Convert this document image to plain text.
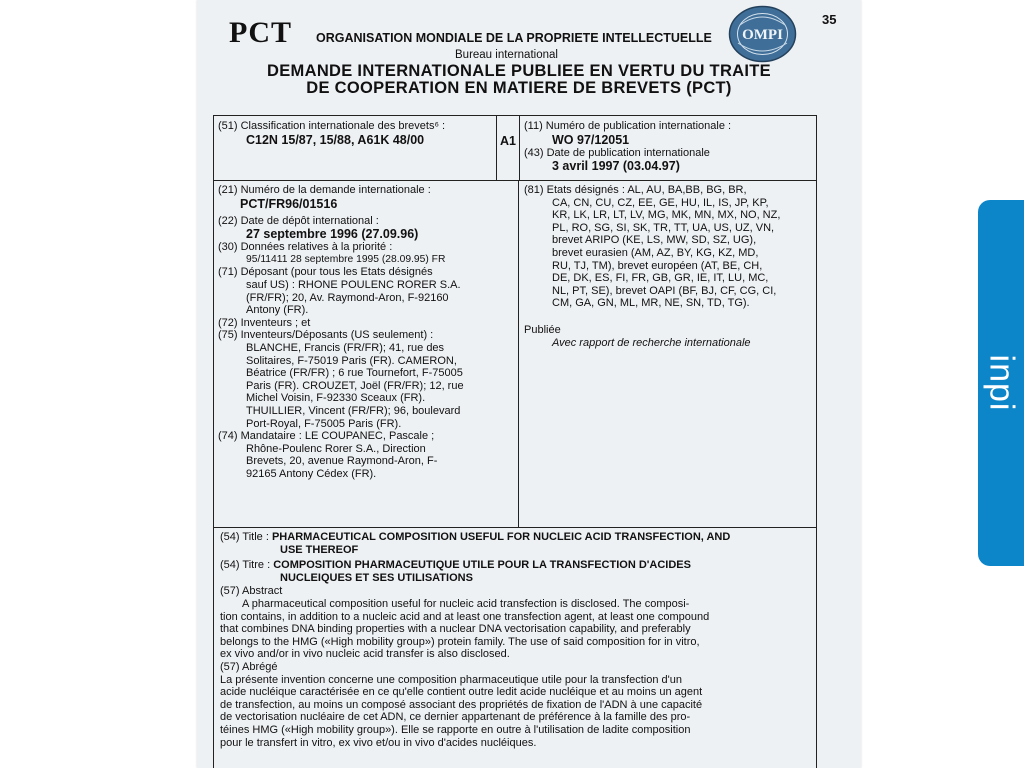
35
PCT ORGANISATION MONDIALE DE LA PROPRIETE INTELLECTUELLE
Bureau international
OMPI
DEMANDE INTERNATIONALE PUBLIEE EN VERTU DU TRAITE
DE COOPERATION EN MATIERE DE BREVETS (PCT)
(51) Classification internationale des brevets⁶ :
C12N 15/87, 15/88, A61K 48/00	A1
(11) Numéro de publication internationale :
WO 97/12051
(43) Date de publication internationale
3 avril 1997 (03.04.97)
(21) Numéro de la demande internationale :
PCT/FR96/01516
(22) Date de dépôt international :
27 septembre 1996 (27.09.96)
(30) Données relatives à la priorité :
95/11411 28 septembre 1995 (28.09.95) FR
(71) Déposant (pour tous les Etats désignés
sauf US) : RHONE POULENC RORER S.A.
(FR/FR); 20, Av. Raymond-Aron, F-92160
Antony (FR).
(72) Inventeurs ; et
(75) Inventeurs/Déposants (US seulement) :
BLANCHE, Francis (FR/FR); 41, rue des
Solitaires, F-75019 Paris (FR). CAMERON,
Béatrice (FR/FR) ; 6 rue Tournefort, F-75005
Paris (FR). CROUZET, Joël (FR/FR); 12, rue
Michel Voisin, F-92330 Sceaux (FR).
THUILLIER, Vincent (FR/FR); 96, boulevard
Port-Royal, F-75005 Paris (FR).
(74) Mandataire : LE COUPANEC, Pascale ;
Rhône-Poulenc Rorer S.A., Direction
Brevets, 20, avenue Raymond-Aron, F-
92165 Antony Cédex (FR).
(81) Etats désignés : AL, AU, BA,BB, BG, BR,
CA, CN, CU, CZ, EE, GE, HU, IL, IS, JP, KP,
KR, LK, LR, LT, LV, MG, MK, MN, MX, NO, NZ,
PL, RO, SG, SI, SK, TR, TT, UA, US, UZ, VN,
brevet ARIPO (KE, LS, MW, SD, SZ, UG),
brevet eurasien (AM, AZ, BY, KG, KZ, MD,
RU, TJ, TM), brevet européen (AT, BE, CH,
DE, DK, ES, FI, FR, GB, GR, IE, IT, LU, MC,
NL, PT, SE), brevet OAPI (BF, BJ, CF, CG, CI,
CM, GA, GN, ML, MR, NE, SN, TD, TG).
Publiée
Avec rapport de recherche internationale
(54) Title : PHARMACEUTICAL COMPOSITION USEFUL FOR NUCLEIC ACID TRANSFECTION, AND
USE THEREOF
(54) Titre : COMPOSITION PHARMACEUTIQUE UTILE POUR LA TRANSFECTION D'ACIDES
NUCLEIQUES ET SES UTILISATIONS

(57) Abstract

A pharmaceutical composition useful for nucleic acid transfection is disclosed. The composi-

tion contains, in addition to a nucleic acid and at least one transfection agent, at least one compound

that combines DNA binding properties with a nuclear DNA vectorisation capability, and preferably

belongs to the HMG («High mobility group») protein family. The use of said composition for in vitro,

ex vivo and/or in vivo nucleic acid transfer is also disclosed.

(57) Abrégé

La présente invention concerne une composition pharmaceutique utile pour la transfection d'un

acide nucléique caractérisée en ce qu'elle contient outre ledit acide nucléique et au moins un agent

de transfection, au moins un composé associant des propriétés de fixation de l'ADN à une capacité

de vectorisation nucléaire de cet ADN, ce dernier appartenant de préférence à la famille des pro-

téines HMG («High mobility group»). Elle se rapporte en outre à l'utilisation de ladite composition

pour le transfert in vitro, ex vivo et/ou in vivo d'acides nucléiques.

inpi
